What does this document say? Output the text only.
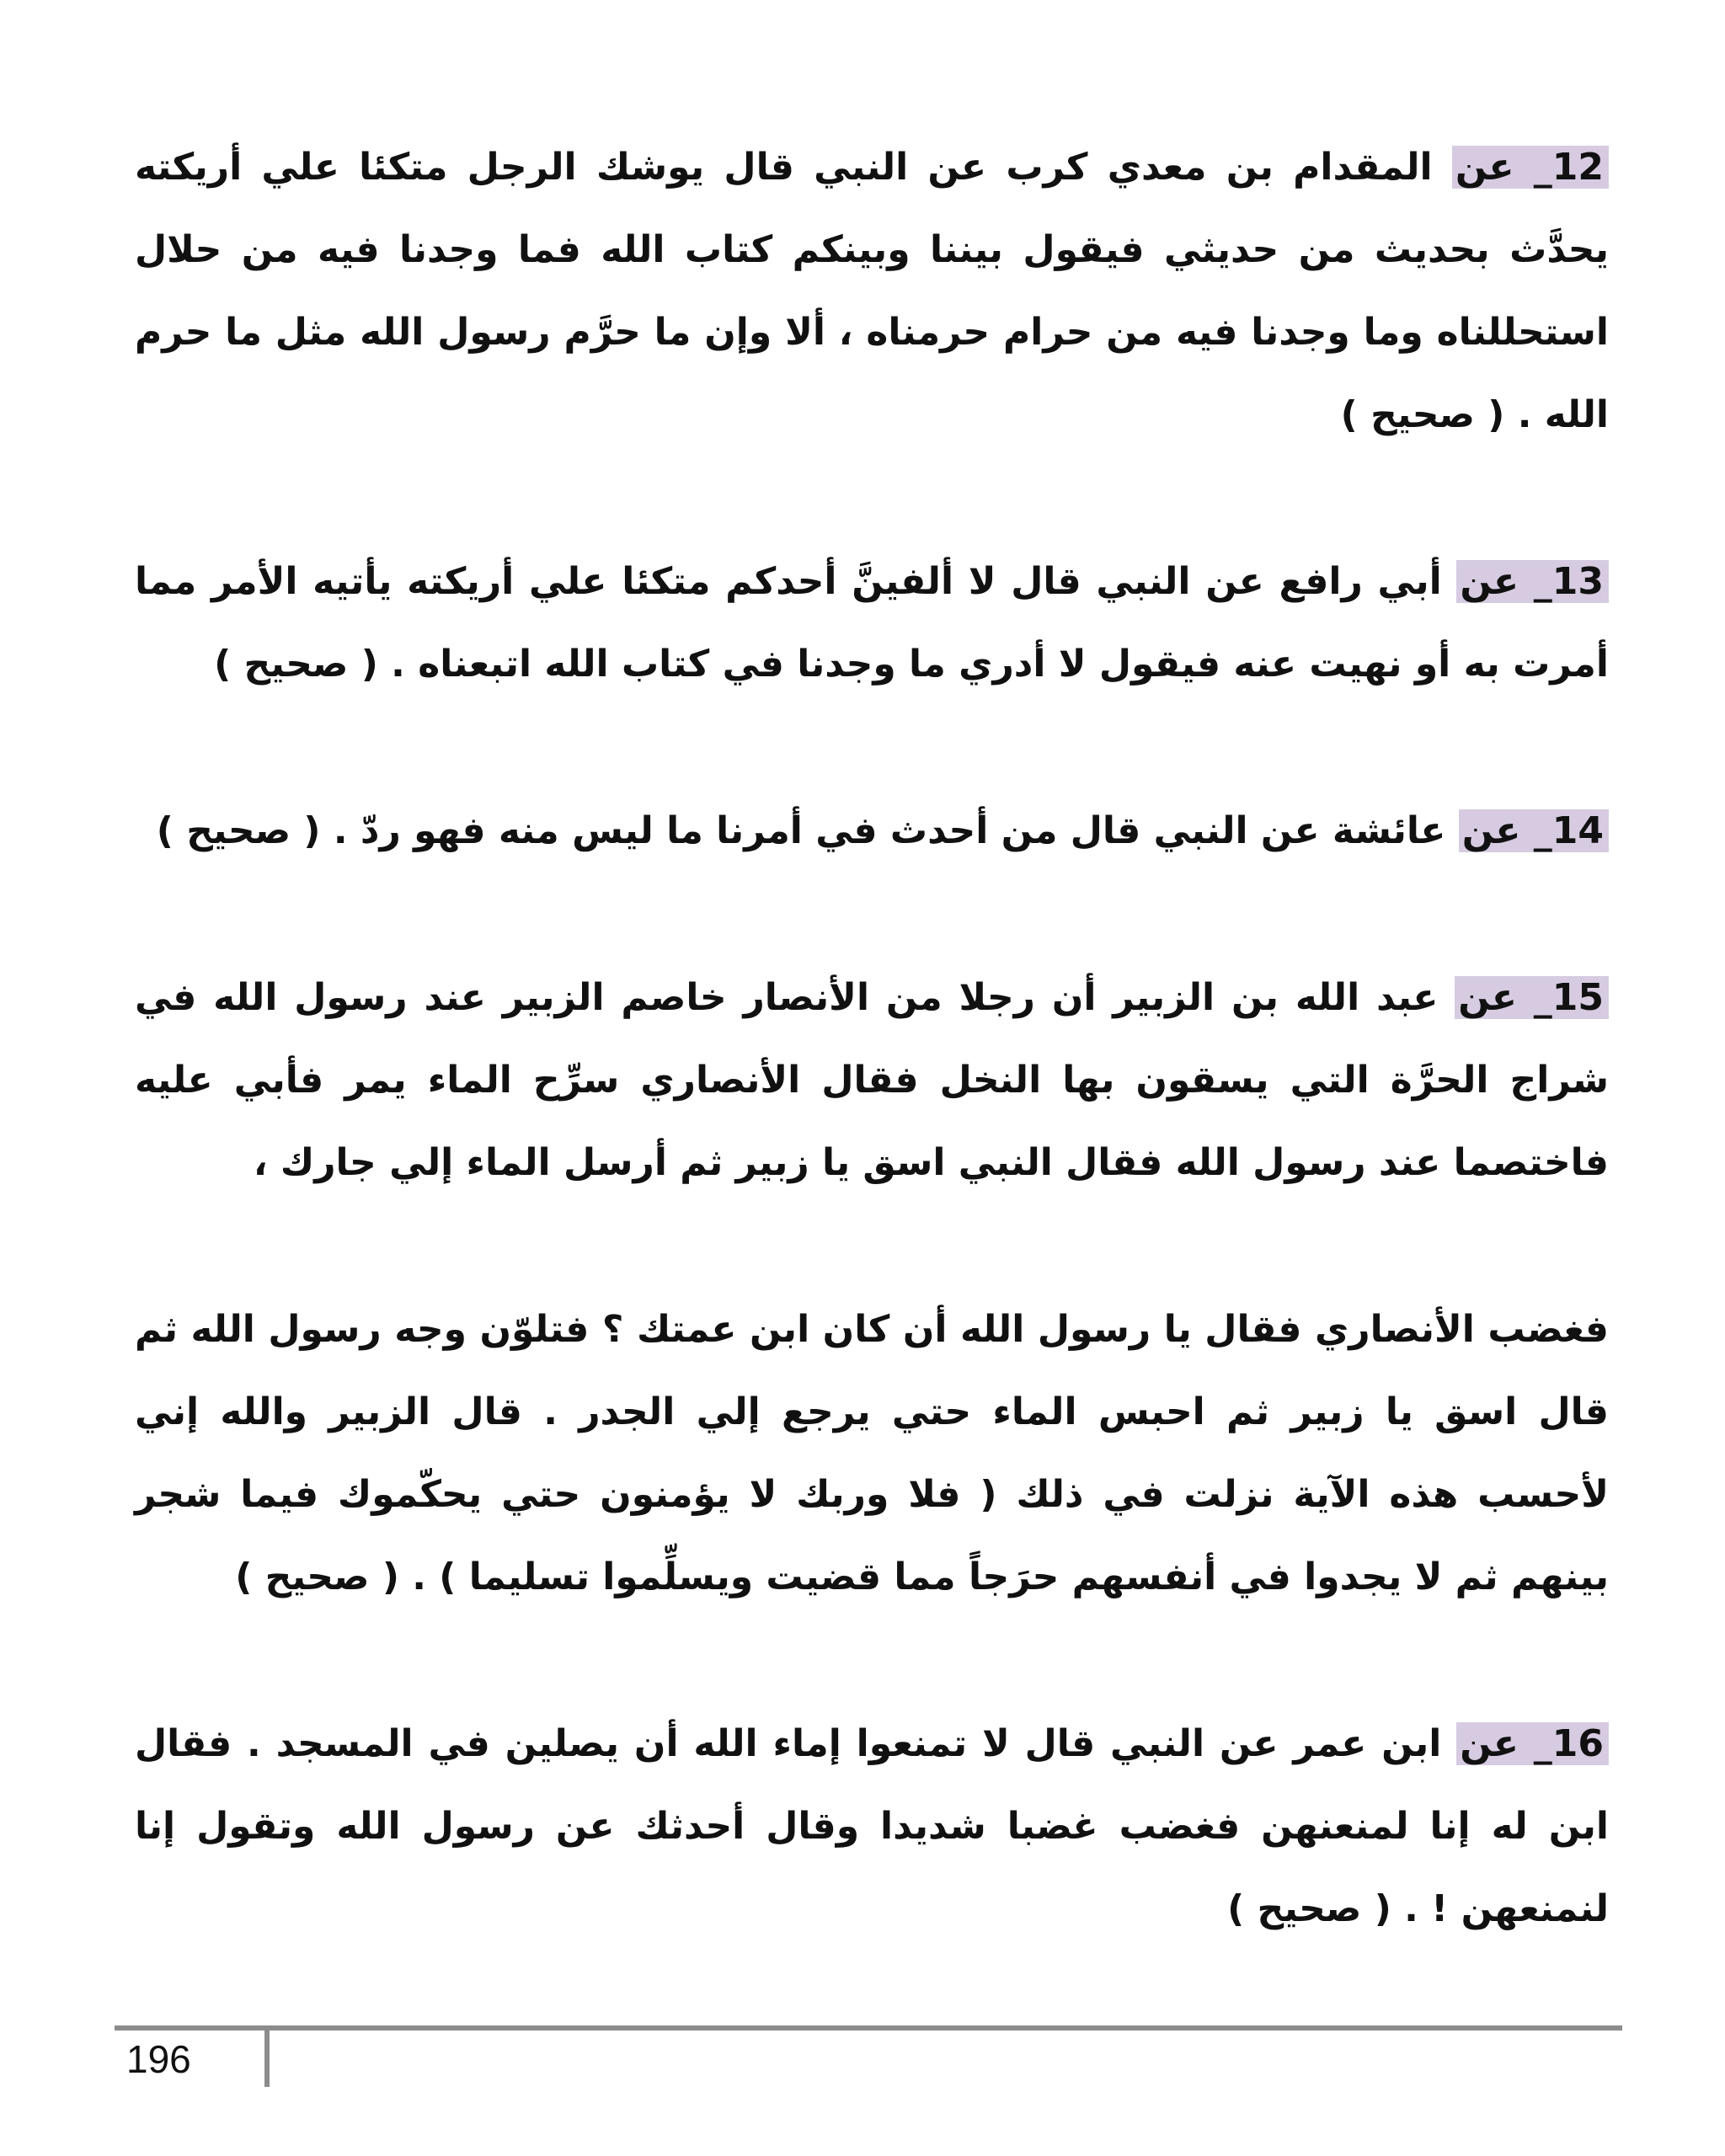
12_ عن المقدام بن معدي كرب عن النبي قال يوشك الرجل متكئا علي أريكته يحدَّث بحديث من حديثي فيقول بيننا وبينكم كتاب الله فما وجدنا فيه من حلال استحللناه وما وجدنا فيه من حرام حرمناه ، ألا وإن ما حرَّم رسول الله مثل ما حرم الله . ( صحيح )

13_ عن أبي رافع عن النبي قال لا ألفينَّ أحدكم متكئا علي أريكته يأتيه الأمر مما أمرت به أو نهيت عنه فيقول لا أدري ما وجدنا في كتاب الله اتبعناه . ( صحيح )

14_ عن عائشة عن النبي قال من أحدث في أمرنا ما ليس منه فهو ردّ . ( صحيح )

15_ عن عبد الله بن الزبير أن رجلا من الأنصار خاصم الزبير عند رسول الله في شراج الحرَّة التي يسقون بها النخل فقال الأنصاري سرِّح الماء يمر فأبي عليه فاختصما عند رسول الله فقال النبي اسق يا زبير ثم أرسل الماء إلي جارك ،

فغضب الأنصاري فقال يا رسول الله أن كان ابن عمتك ؟ فتلوّن وجه رسول الله ثم قال اسق يا زبير ثم احبس الماء حتي يرجع إلي الجدر . قال الزبير والله إني لأحسب هذه الآية نزلت في ذلك ( فلا وربك لا يؤمنون حتي يحكّموك فيما شجر بينهم ثم لا يجدوا في أنفسهم حرَجاً مما قضيت ويسلِّموا تسليما ) . ( صحيح )

16_ عن ابن عمر عن النبي قال لا تمنعوا إماء الله أن يصلين في المسجد . فقال ابن له إنا لمنعنهن فغضب غضبا شديدا وقال أحدثك عن رسول الله وتقول إنا لنمنعهن ! . ( صحيح )

196
